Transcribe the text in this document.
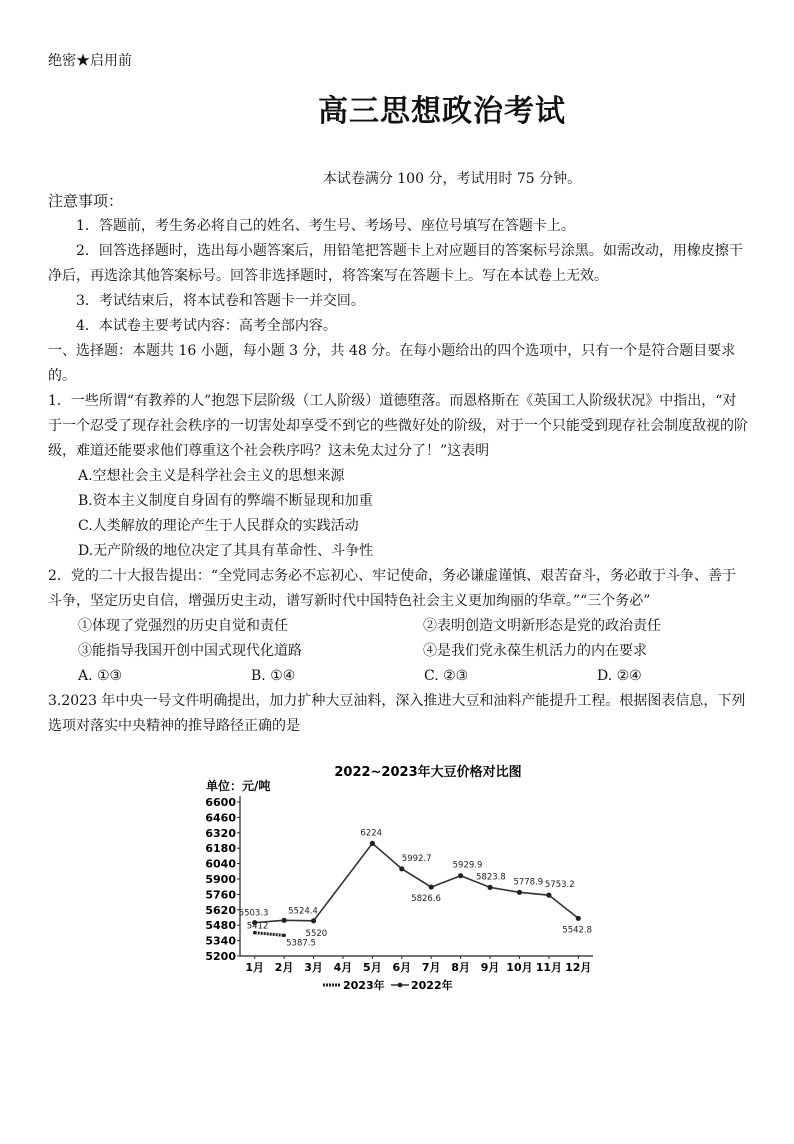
绝密★启用前
高三思想政治考试
本试卷满分 100 分，考试用时 75 分钟。
注意事项：

1．答题前，考生务必将自己的姓名、考生号、考场号、座位号填写在答题卡上。

2．回答选择题时，选出每小题答案后，用铅笔把答题卡上对应题目的答案标号涂黑。如需改动，用橡皮擦干净后，再选涂其他答案标号。回答非选择题时，将答案写在答题卡上。写在本试卷上无效。

3．考试结束后，将本试卷和答题卡一并交回。

4．本试卷主要考试内容：高考全部内容。

一、选择题：本题共 16 小题，每小题 3 分，共 48 分。在每小题给出的四个选项中，只有一个是符合题目要求的。

1．一些所谓“有教养的人”抱怨下层阶级（工人阶级）道德堕落。而恩格斯在《英国工人阶级状况》中指出，“对于一个忍受了现存社会秩序的一切害处却享受不到它的些微好处的阶级，对于一个只能受到现存社会制度敌视的阶级，难道还能要求他们尊重这个社会秩序吗？这未免太过分了！”这表明

A.空想社会主义是科学社会主义的思想来源

B.资本主义制度自身固有的弊端不断显现和加重

C.人类解放的理论产生于人民群众的实践活动

D.无产阶级的地位决定了其具有革命性、斗争性

2．党的二十大报告提出：“全党同志务必不忘初心、牢记使命，务必谦虚谨慎、艰苦奋斗，务必敢于斗争、善于斗争，坚定历史自信，增强历史主动，谱写新时代中国特色社会主义更加绚丽的华章。”“三个务必”

①体现了党强烈的历史自觉和责任	②表明创造文明新形态是党的政治责任
③能指导我国开创中国式现代化道路	④是我们党永葆生机活力的内在要求
A. ①③	B. ①④	C. ②③	D. ②④

3.2023 年中央一号文件明确提出，加力扩种大豆油料，深入推进大豆和油料产能提升工程。根据图表信息，下列选项对落实中央精神的推导路径正确的是

2022~2023年大豆价格对比图
单位：元/吨
5200
5340
5480
5620
5760
5900
6040
6180
6320
6460
6600
1月 2月 3月 4月 5月 6月 7月 8月 9月 10月 11月 12月
5503.3 5524.4
5520
6224
5992.7
5826.6
5929.9
5823.8 5778.9 5753.2
5542.8
5412
5387.5
2023年 2022年
